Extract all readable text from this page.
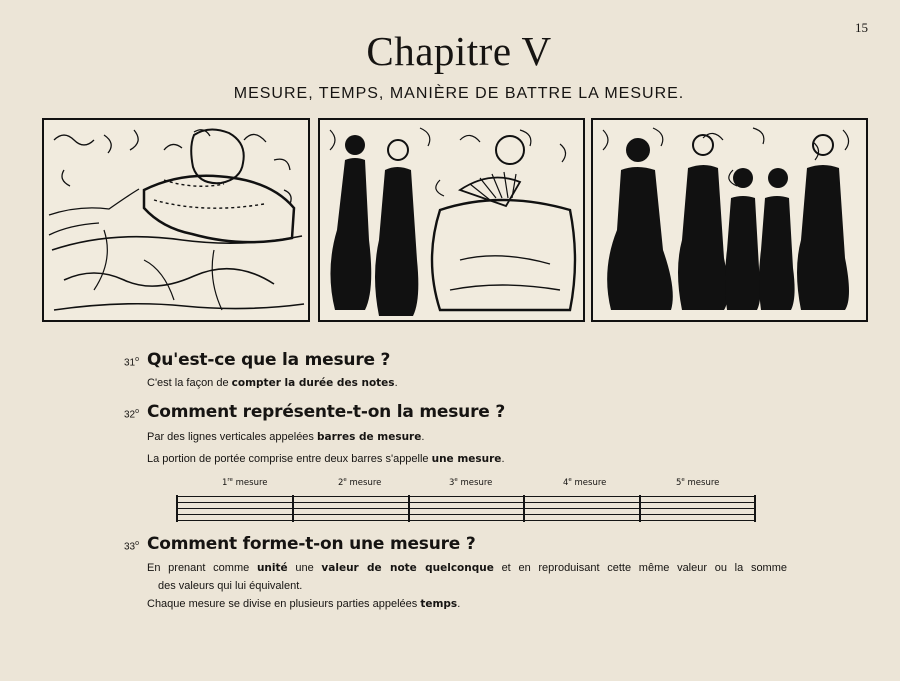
15
Chapitre V
MESURE, TEMPS, MANIÈRE DE BATTRE LA MESURE.
31$^o$ Qu'est-ce que la mesure ?
C'est la façon de compter la durée des notes.
32$^o$ Comment représente-t-on la mesure ?
Par des lignes verticales appelées barres de mesure.
La portion de portée comprise entre deux barres s'appelle une mesure.
1re mesure	2e mesure	3e mesure	4e mesure	5e mesure
33$^o$ Comment forme-t-on une mesure ?
En prenant comme unité une valeur de note quelconque et en reproduisant cette même valeur ou la somme
des valeurs qui lui équivalent.
Chaque mesure se divise en plusieurs parties appelées temps.
